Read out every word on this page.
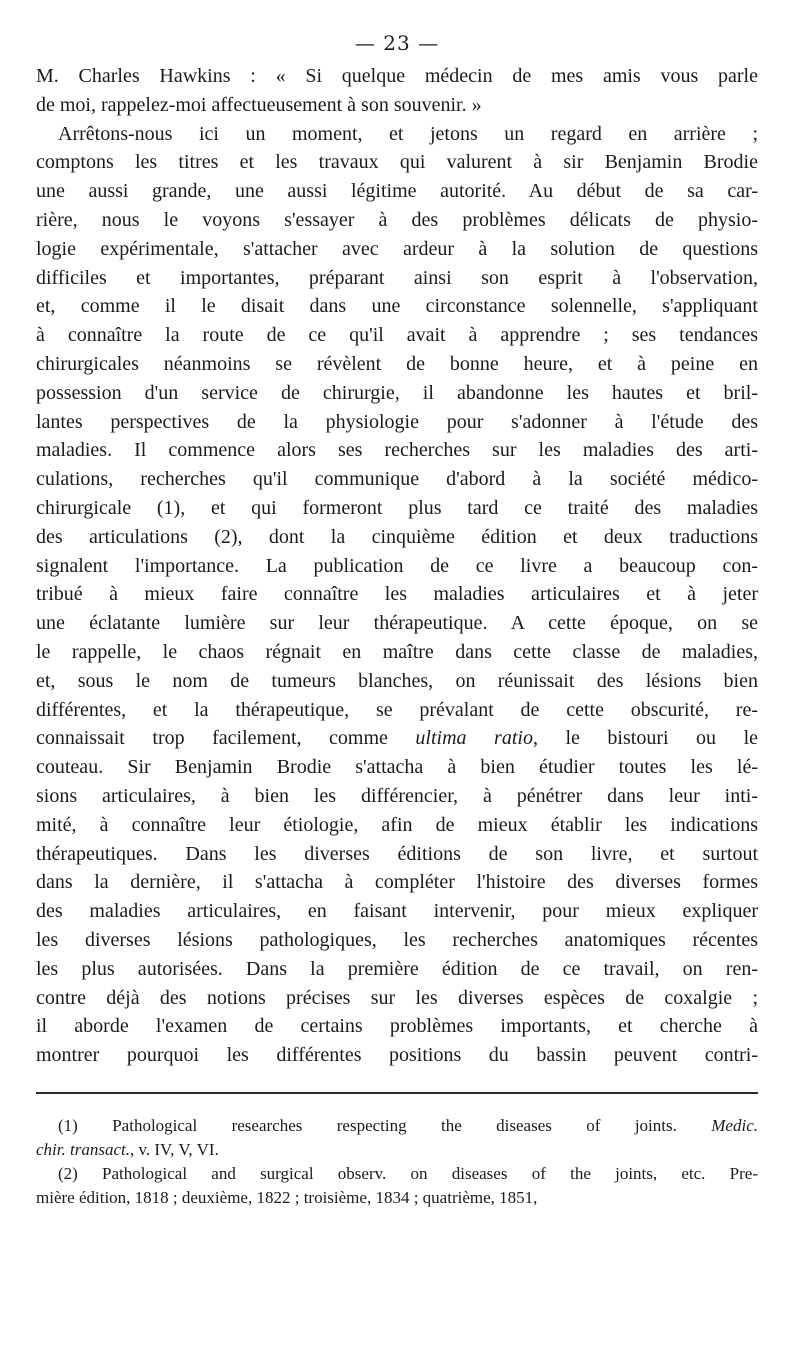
— 23 —
M. Charles Hawkins : « Si quelque médecin de mes amis vous parle
de moi, rappelez-moi affectueusement à son souvenir. »
Arrêtons-nous ici un moment, et jetons un regard en arrière ;
comptons les titres et les travaux qui valurent à sir Benjamin Brodie
une aussi grande, une aussi légitime autorité. Au début de sa car-
rière, nous le voyons s'essayer à des problèmes délicats de physio-
logie expérimentale, s'attacher avec ardeur à la solution de questions
difficiles et importantes, préparant ainsi son esprit à l'observation,
et, comme il le disait dans une circonstance solennelle, s'appliquant
à connaître la route de ce qu'il avait à apprendre ; ses tendances
chirurgicales néanmoins se révèlent de bonne heure, et à peine en
possession d'un service de chirurgie, il abandonne les hautes et bril-
lantes perspectives de la physiologie pour s'adonner à l'étude des
maladies. Il commence alors ses recherches sur les maladies des arti-
culations, recherches qu'il communique d'abord à la société médico-
chirurgicale (1), et qui formeront plus tard ce traité des maladies
des articulations (2), dont la cinquième édition et deux traductions
signalent l'importance. La publication de ce livre a beaucoup con-
tribué à mieux faire connaître les maladies articulaires et à jeter
une éclatante lumière sur leur thérapeutique. A cette époque, on se
le rappelle, le chaos régnait en maître dans cette classe de maladies,
et, sous le nom de tumeurs blanches, on réunissait des lésions bien
différentes, et la thérapeutique, se prévalant de cette obscurité, re-
connaissait trop facilement, comme ultima ratio, le bistouri ou le
couteau. Sir Benjamin Brodie s'attacha à bien étudier toutes les lé-
sions articulaires, à bien les différencier, à pénétrer dans leur inti-
mité, à connaître leur étiologie, afin de mieux établir les indications
thérapeutiques. Dans les diverses éditions de son livre, et surtout
dans la dernière, il s'attacha à compléter l'histoire des diverses formes
des maladies articulaires, en faisant intervenir, pour mieux expliquer
les diverses lésions pathologiques, les recherches anatomiques récentes
les plus autorisées. Dans la première édition de ce travail, on ren-
contre déjà des notions précises sur les diverses espèces de coxalgie ;
il aborde l'examen de certains problèmes importants, et cherche à
montrer pourquoi les différentes positions du bassin peuvent contri-
(1) Pathological researches respecting the diseases of joints. Medic.
chir. transact., v. IV, V, VI.
(2) Pathological and surgical observ. on diseases of the joints, etc. Pre-
mière édition, 1818 ; deuxième, 1822 ; troisième, 1834 ; quatrième, 1851,
